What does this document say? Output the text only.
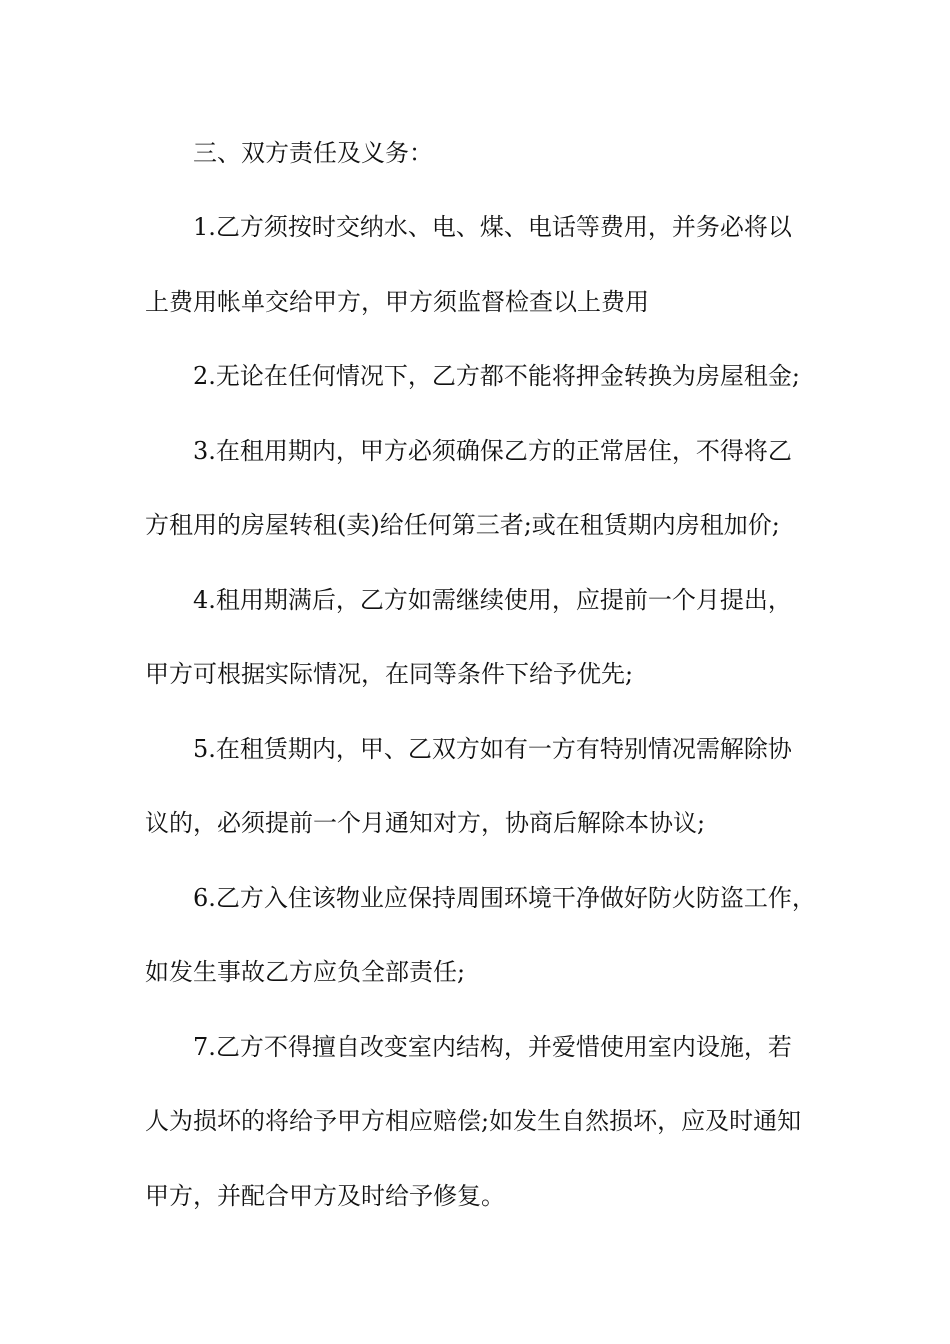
三、双方责任及义务：
1.乙方须按时交纳水、电、煤、电话等费用，并务必将以
上费用帐单交给甲方，甲方须监督检查以上费用
2.无论在任何情况下，乙方都不能将押金转换为房屋租金;
3.在租用期内，甲方必须确保乙方的正常居住，不得将乙
方租用的房屋转租(卖)给任何第三者;或在租赁期内房租加价;
4.租用期满后，乙方如需继续使用，应提前一个月提出，
甲方可根据实际情况，在同等条件下给予优先;
5.在租赁期内，甲、乙双方如有一方有特别情况需解除协
议的，必须提前一个月通知对方，协商后解除本协议;
6.乙方入住该物业应保持周围环境干净做好防火防盗工作，
如发生事故乙方应负全部责任;
7.乙方不得擅自改变室内结构，并爱惜使用室内设施，若
人为损坏的将给予甲方相应赔偿;如发生自然损坏，应及时通知
甲方，并配合甲方及时给予修复。
